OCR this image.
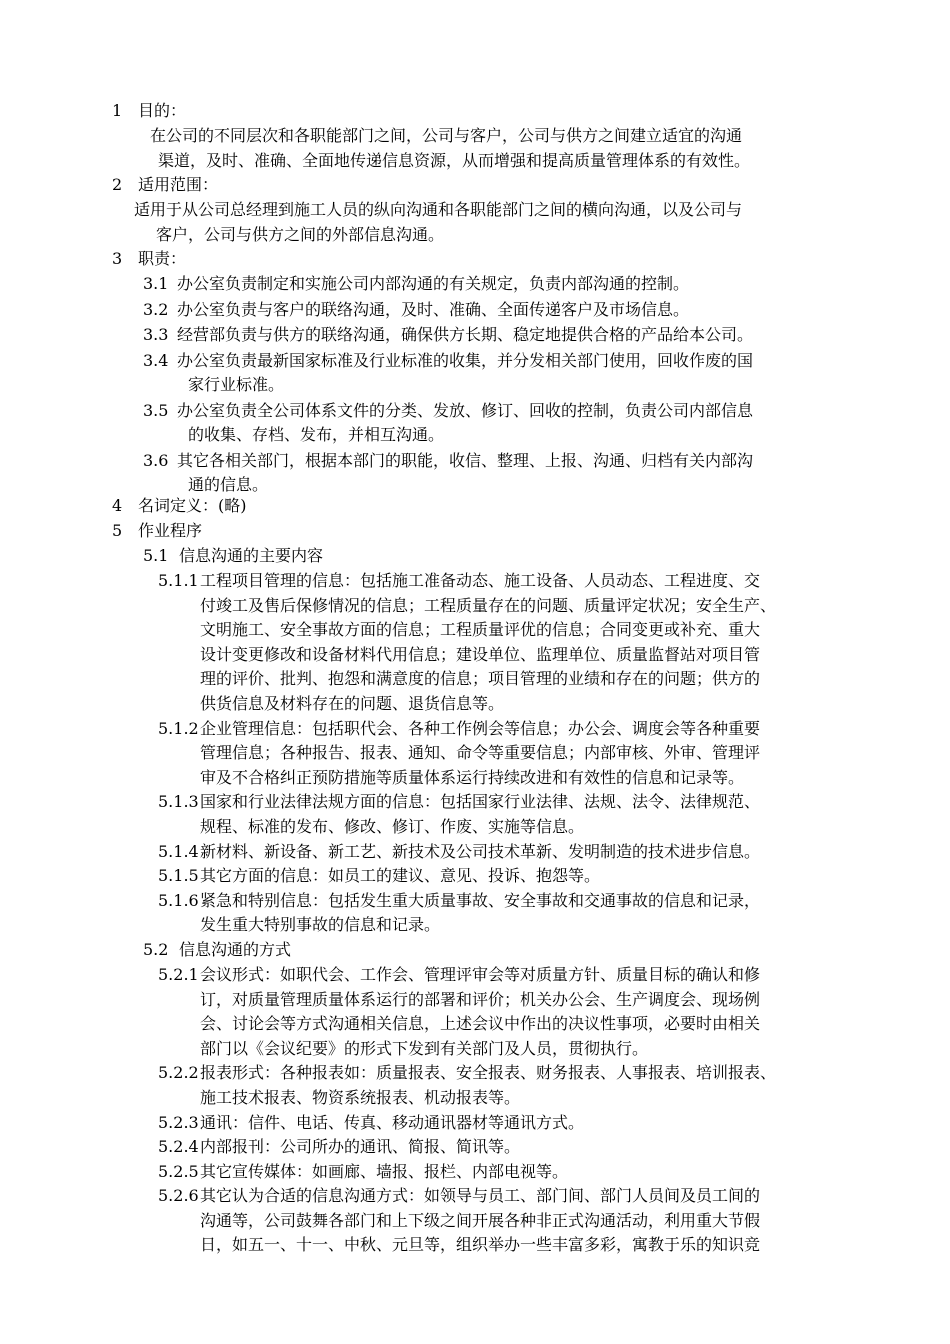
1 目的：
在公司的不同层次和各职能部门之间，公司与客户，公司与供方之间建立适宜的沟通
渠道，及时、准确、全面地传递信息资源，从而增强和提高质量管理体系的有效性。
2 适用范围：
适用于从公司总经理到施工人员的纵向沟通和各职能部门之间的横向沟通，以及公司与
客户，公司与供方之间的外部信息沟通。
3 职责：
3.1 办公室负责制定和实施公司内部沟通的有关规定，负责内部沟通的控制。
3.2 办公室负责与客户的联络沟通，及时、准确、全面传递客户及市场信息。
3.3 经营部负责与供方的联络沟通，确保供方长期、稳定地提供合格的产品给本公司。
3.4 办公室负责最新国家标准及行业标准的收集，并分发相关部门使用，回收作废的国
家行业标准。
3.5 办公室负责全公司体系文件的分类、发放、修订、回收的控制，负责公司内部信息
的收集、存档、发布，并相互沟通。
3.6 其它各相关部门，根据本部门的职能，收信、整理、上报、沟通、归档有关内部沟
通的信息。
4 名词定义：(略)
5 作业程序
5.1 信息沟通的主要内容
5.1.1 工程项目管理的信息：包括施工准备动态、施工设备、人员动态、工程进度、交
付竣工及售后保修情况的信息；工程质量存在的问题、质量评定状况；安全生产、
文明施工、安全事故方面的信息；工程质量评优的信息；合同变更或补充、重大
设计变更修改和设备材料代用信息；建设单位、监理单位、质量监督站对项目管
理的评价、批判、抱怨和满意度的信息；项目管理的业绩和存在的问题；供方的
供货信息及材料存在的问题、退货信息等。
5.1.2 企业管理信息：包括职代会、各种工作例会等信息；办公会、调度会等各种重要
管理信息；各种报告、报表、通知、命令等重要信息；内部审核、外审、管理评
审及不合格纠正预防措施等质量体系运行持续改进和有效性的信息和记录等。
5.1.3 国家和行业法律法规方面的信息：包括国家行业法律、法规、法令、法律规范、
规程、标准的发布、修改、修订、作废、实施等信息。
5.1.4 新材料、新设备、新工艺、新技术及公司技术革新、发明制造的技术进步信息。
5.1.5 其它方面的信息：如员工的建议、意见、投诉、抱怨等。
5.1.6 紧急和特别信息：包括发生重大质量事故、安全事故和交通事故的信息和记录，
发生重大特别事故的信息和记录。
5.2 信息沟通的方式
5.2.1 会议形式：如职代会、工作会、管理评审会等对质量方针、质量目标的确认和修
订，对质量管理质量体系运行的部署和评价；机关办公会、生产调度会、现场例
会、讨论会等方式沟通相关信息，上述会议中作出的决议性事项，必要时由相关
部门以《会议纪要》的形式下发到有关部门及人员，贯彻执行。
5.2.2 报表形式：各种报表如：质量报表、安全报表、财务报表、人事报表、培训报表、
施工技术报表、物资系统报表、机动报表等。
5.2.3 通讯：信件、电话、传真、移动通讯器材等通讯方式。
5.2.4 内部报刊：公司所办的通讯、简报、简讯等。
5.2.5 其它宣传媒体：如画廊、墙报、报栏、内部电视等。
5.2.6 其它认为合适的信息沟通方式：如领导与员工、部门间、部门人员间及员工间的
沟通等，公司鼓舞各部门和上下级之间开展各种非正式沟通活动，利用重大节假
日，如五一、十一、中秋、元旦等，组织举办一些丰富多彩，寓教于乐的知识竞
